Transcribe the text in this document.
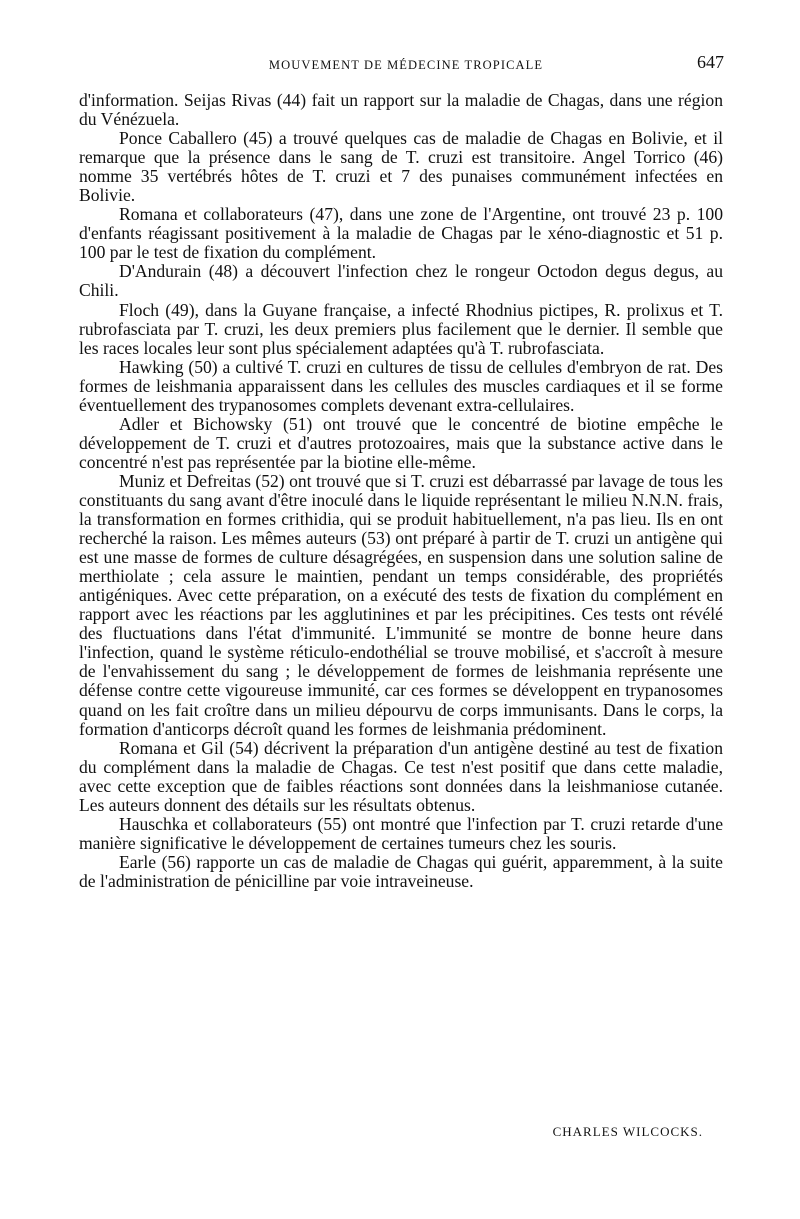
MOUVEMENT DE MÉDECINE TROPICALE	647

d'information. Seijas Rivas (44) fait un rapport sur la maladie de Chagas, dans une région du Vénézuela.

Ponce Caballero (45) a trouvé quelques cas de maladie de Chagas en Bolivie, et il remarque que la présence dans le sang de T. cruzi est transitoire. Angel Torrico (46) nomme 35 vertébrés hôtes de T. cruzi et 7 des punaises communément infectées en Bolivie.

Romana et collaborateurs (47), dans une zone de l'Argentine, ont trouvé 23 p. 100 d'enfants réagissant positivement à la maladie de Chagas par le xéno-diagnostic et 51 p. 100 par le test de fixation du complément.

D'Andurain (48) a découvert l'infection chez le rongeur Octodon degus degus, au Chili.

Floch (49), dans la Guyane française, a infecté Rhodnius pictipes, R. prolixus et T. rubrofasciata par T. cruzi, les deux premiers plus facilement que le dernier. Il semble que les races locales leur sont plus spécialement adaptées qu'à T. rubrofasciata.

Hawking (50) a cultivé T. cruzi en cultures de tissu de cellules d'embryon de rat. Des formes de leishmania apparaissent dans les cellules des muscles cardiaques et il se forme éventuellement des trypanosomes complets devenant extra-cellulaires.

Adler et Bichowsky (51) ont trouvé que le concentré de biotine empêche le développement de T. cruzi et d'autres protozoaires, mais que la substance active dans le concentré n'est pas représentée par la biotine elle-même.

Muniz et Defreitas (52) ont trouvé que si T. cruzi est débarrassé par lavage de tous les constituants du sang avant d'être inoculé dans le liquide représentant le milieu N.N.N. frais, la transformation en formes crithidia, qui se produit habituellement, n'a pas lieu. Ils en ont recherché la raison. Les mêmes auteurs (53) ont préparé à partir de T. cruzi un antigène qui est une masse de formes de culture désagrégées, en suspension dans une solution saline de merthiolate ; cela assure le maintien, pendant un temps considérable, des propriétés antigéniques. Avec cette préparation, on a exécuté des tests de fixation du complément en rapport avec les réactions par les agglutinines et par les précipitines. Ces tests ont révélé des fluctuations dans l'état d'immunité. L'immunité se montre de bonne heure dans l'infection, quand le système réticulo-endothélial se trouve mobilisé, et s'accroît à mesure de l'envahissement du sang ; le développement de formes de leishmania représente une défense contre cette vigoureuse immunité, car ces formes se développent en trypanosomes quand on les fait croître dans un milieu dépourvu de corps immunisants. Dans le corps, la formation d'anticorps décroît quand les formes de leishmania prédominent.

Romana et Gil (54) décrivent la préparation d'un antigène destiné au test de fixation du complément dans la maladie de Chagas. Ce test n'est positif que dans cette maladie, avec cette exception que de faibles réactions sont données dans la leishmaniose cutanée. Les auteurs donnent des détails sur les résultats obtenus.

Hauschka et collaborateurs (55) ont montré que l'infection par T. cruzi retarde d'une manière significative le développement de certaines tumeurs chez les souris.

Earle (56) rapporte un cas de maladie de Chagas qui guérit, apparemment, à la suite de l'administration de pénicilline par voie intraveineuse.

CHARLES WILCOCKS.
